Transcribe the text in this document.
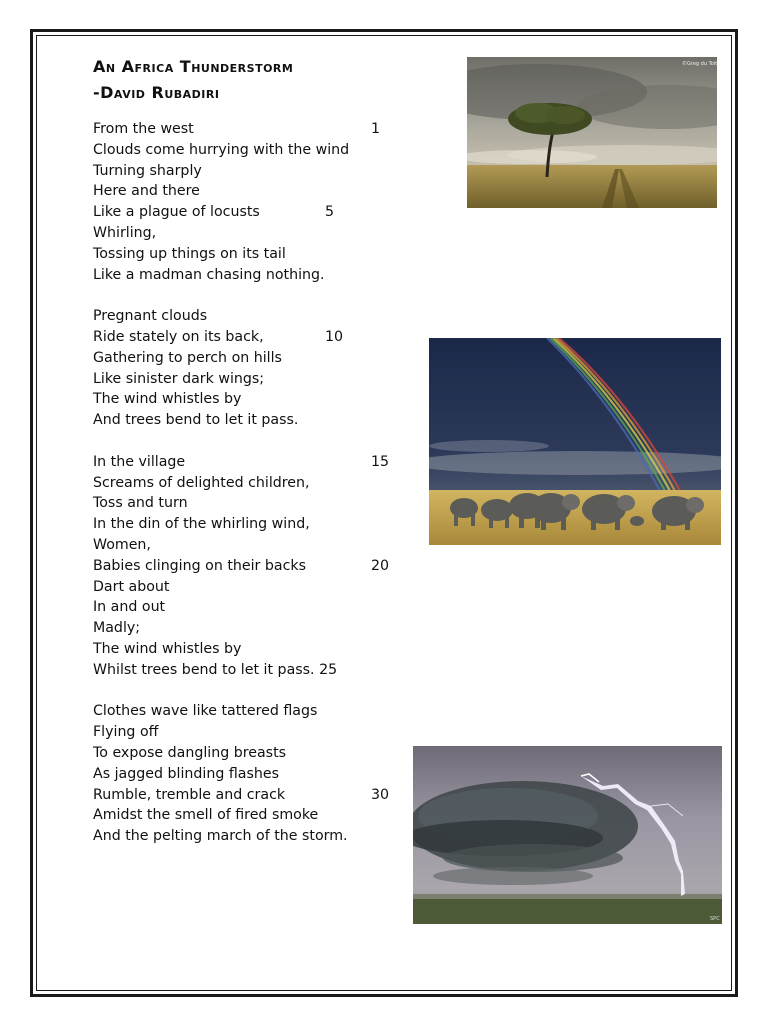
An Africa Thunderstorm
-David Rubadiri
From the west	1
Clouds come hurrying with the wind
Turning sharply
Here and there
Like a plague of locusts	5
Whirling,
Tossing up things on its tail
Like a madman chasing nothing.
Pregnant clouds
Ride stately on its back,	10
Gathering to perch on hills
Like sinister dark wings;
The wind whistles by
And trees bend to let it pass.
In the village	15
Screams of delighted children,
Toss and turn
In the din of the whirling wind,
Women,
Babies clinging on their backs	20
Dart about
In and out
Madly;
The wind whistles by
Whilst trees bend to let it pass. 25
Clothes wave like tattered flags
Flying off
To expose dangling breasts
As jagged blinding flashes
Rumble, tremble and crack	30
Amidst the smell of fired smoke
And the pelting march of the storm.
©Greg du Toit
SPC
